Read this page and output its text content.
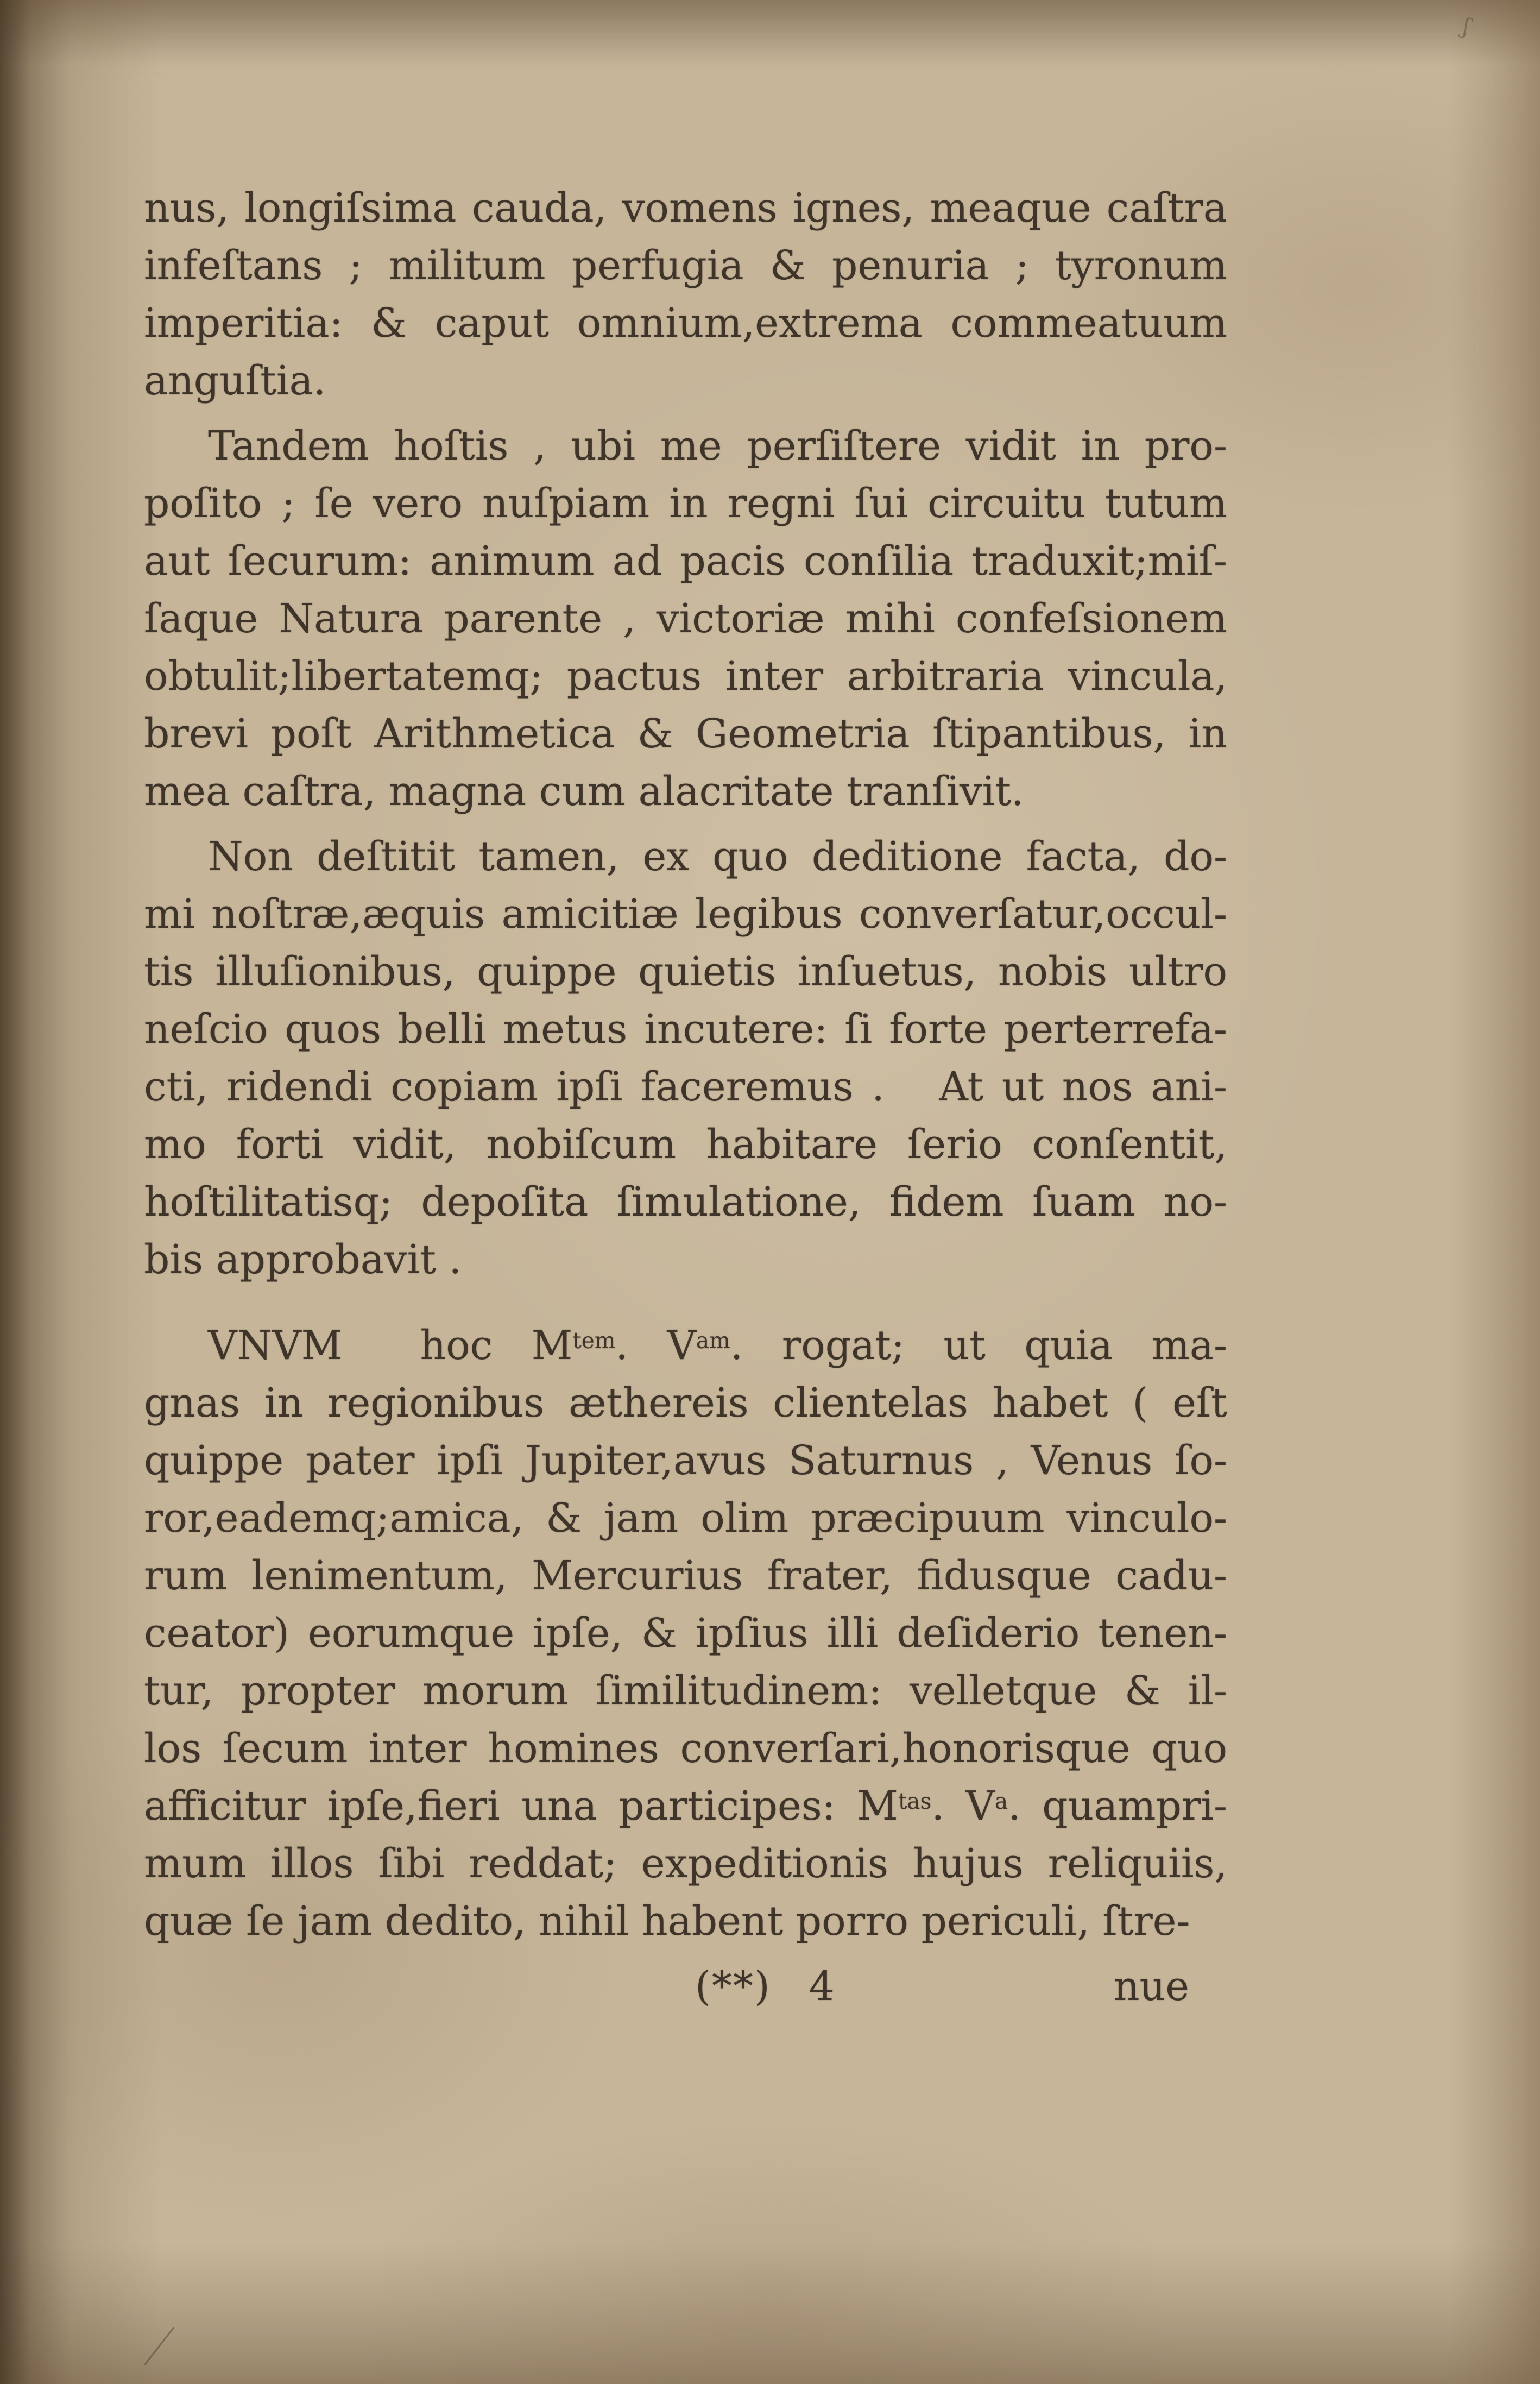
ʃ
nus, longiſsima cauda, vomens ignes, meaque caſtra
infeſtans ; militum perfugia & penuria ; tyronum
imperitia: & caput omnium,extrema commeatuum
anguſtia.
Tandem hoſtis , ubi me perſiſtere vidit in pro-
poſito ; ſe vero nuſpiam in regni ſui circuitu tutum
aut ſecurum: animum ad pacis conſilia traduxit;miſ-
ſaque Natura parente , victoriæ mihi confeſsionem
obtulit;libertatemq; pactus inter arbitraria vincula,
brevi poſt Arithmetica & Geometria ſtipantibus, in
mea caſtra, magna cum alacritate tranſivit.
Non deſtitit tamen, ex quo deditione facta, do-
mi noſtræ,æquis amicitiæ legibus converſatur,occul-
tis illuſionibus, quippe quietis inſuetus, nobis ultro
neſcio quos belli metus incutere: ſi forte perterrefa-
cti, ridendi copiam ipſi faceremus .   At ut nos ani-
mo forti vidit, nobiſcum habitare ſerio conſentit,
hoſtilitatisq; depoſita ſimulatione, fidem ſuam no-
bis approbavit .
VNVM  hoc $M^{tem}$. $V^{am}$. rogat; ut quia ma-
gnas in regionibus æthereis clientelas habet ( eſt
quippe pater ipſi Jupiter,avus Saturnus , Venus ſo-
ror,eademq;amica, & jam olim præcipuum vinculo-
rum lenimentum, Mercurius frater, fidusque cadu-
ceator) eorumque ipſe, & ipſius illi deſiderio tenen-
tur, propter morum ſimilitudinem: velletque & il-
los ſecum inter homines converſari,honorisque quo
afficitur ipſe,fieri una participes: $M^{tas}$. $V^a$. quampri-
mum illos ſibi reddat; expeditionis hujus reliquiis,
quæ ſe jam dedito, nihil habent porro periculi, ſtre-
(**) 4	nue
